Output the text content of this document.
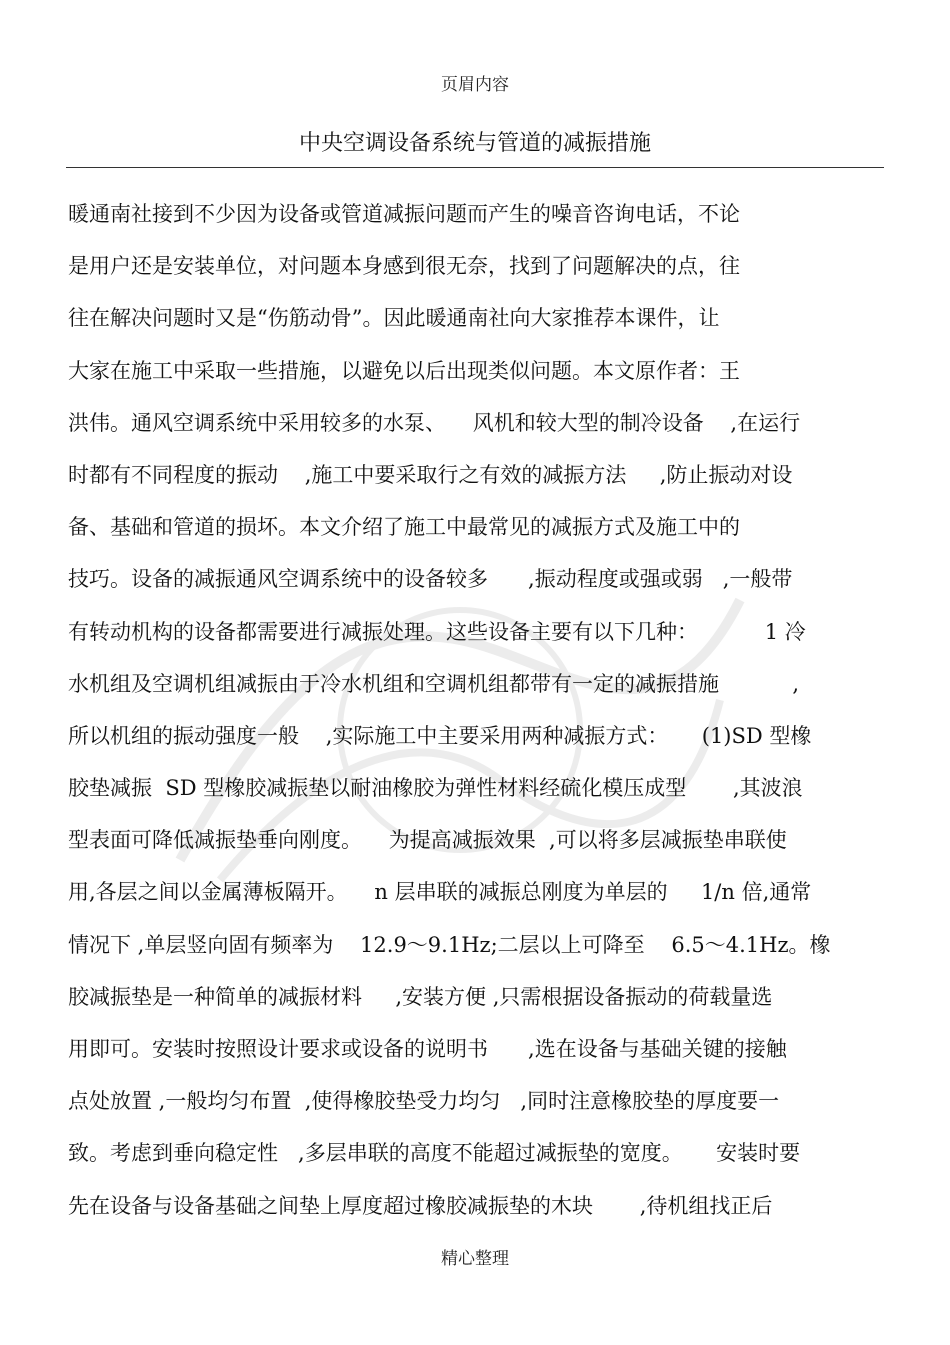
页眉内容
中央空调设备系统与管道的减振措施
暖通南社接到不少因为设备或管道减振问题而产生的噪音咨询电话，不论
是用户还是安装单位，对问题本身感到很无奈，找到了问题解决的点，往
往在解决问题时又是“伤筋动骨”。因此暖通南社向大家推荐本课件，让
大家在施工中采取一些措施，以避免以后出现类似问题。本文原作者：王
洪伟。通风空调系统中采用较多的水泵、    风机和较大型的制冷设备    ,在运行
时都有不同程度的振动    ,施工中要采取行之有效的减振方法     ,防止振动对设
备、基础和管道的损坏。本文介绍了施工中最常见的减振方式及施工中的
技巧。设备的减振通风空调系统中的设备较多      ,振动程度或强或弱   ,一般带
有转动机构的设备都需要进行减振处理。这些设备主要有以下几种：          1 冷
水机组及空调机组减振由于冷水机组和空调机组都带有一定的减振措施           ,
所以机组的振动强度一般    ,实际施工中主要采用两种减振方式：     (1)SD 型橡
胶垫减振  SD 型橡胶减振垫以耐油橡胶为弹性材料经硫化模压成型       ,其波浪
型表面可降低减振垫垂向刚度。    为提高减振效果  ,可以将多层减振垫串联使
用,各层之间以金属薄板隔开。    n 层串联的减振总刚度为单层的     1/n 倍,通常
情况下 ,单层竖向固有频率为    12.9～9.1Hz;二层以上可降至    6.5～4.1Hz。橡
胶减振垫是一种简单的减振材料     ,安装方便 ,只需根据设备振动的荷载量选
用即可。安装时按照设计要求或设备的说明书      ,选在设备与基础关键的接触
点处放置 ,一般均匀布置  ,使得橡胶垫受力均匀   ,同时注意橡胶垫的厚度要一
致。考虑到垂向稳定性   ,多层串联的高度不能超过减振垫的宽度。     安装时要
先在设备与设备基础之间垫上厚度超过橡胶减振垫的木块       ,待机组找正后
精心整理
